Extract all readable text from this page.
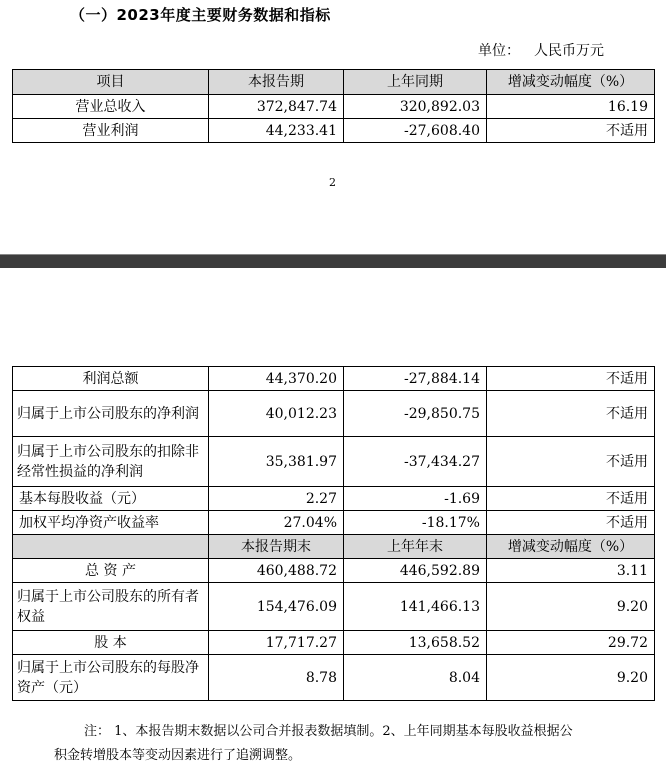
（一）2023年度主要财务数据和指标
单位： 人民币万元
项目	本报告期	上年同期	增减变动幅度（%）
营业总收入	372,847.74	320,892.03	16.19
营业利润	44,233.41	-27,608.40	不适用
2
利润总额	44,370.20	-27,884.14	不适用
归属于上市公司股东的净利润	40,012.23	-29,850.75	不适用
归属于上市公司股东的扣除非经常性损益的净利润	35,381.97	-37,434.27	不适用
基本每股收益（元）	2.27	-1.69	不适用
加权平均净资产收益率	27.04%	-18.17%	不适用
	本报告期末	上年年末	增减变动幅度（%）
总 资 产	460,488.72	446,592.89	3.11
归属于上市公司股东的所有者权益	154,476.09	141,466.13	9.20
股 本	17,717.27	13,658.52	29.72
归属于上市公司股东的每股净资产（元）	8.78	8.04	9.20
注： 1、本报告期末数据以公司合并报表数据填制。2、上年同期基本每股收益根据公
积金转增股本等变动因素进行了追溯调整。
